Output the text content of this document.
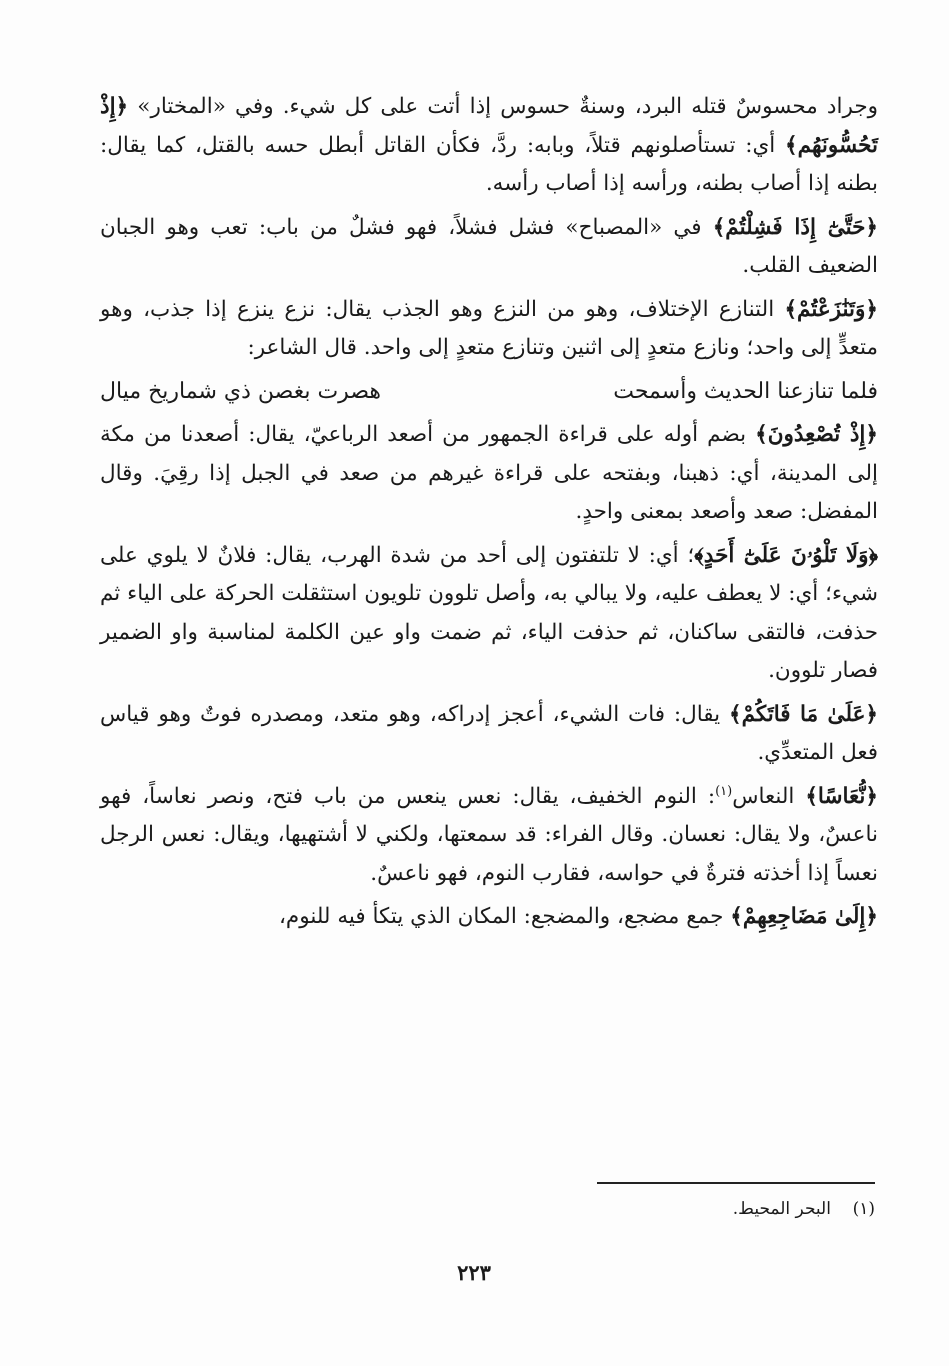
وجراد محسوسٌ قتله البرد، وسنةٌ حسوس إذا أتت على كل شيء. وفي «المختار» ﴿إِذْ تَحُسُّونَهُم﴾ أي: تستأصلونهم قتلاً، وبابه: ردَّ، فكأن القاتل أبطل حسه بالقتل، كما يقال: بطنه إذا أصاب بطنه، ورأسه إذا أصاب رأسه.

﴿حَتَّىٰٓ إِذَا فَشِلْتُمْ﴾ في «المصباح» فشل فشلاً، فهو فشلٌ من باب: تعب وهو الجبان الضعيف القلب.

﴿وَتَنَٰزَعْتُمْ﴾ التنازع الإختلاف، وهو من النزع وهو الجذب يقال: نزع ينزع إذا جذب، وهو متعدٍّ إلى واحد؛ ونازع متعدٍ إلى اثنين وتنازع متعدٍ إلى واحد. قال الشاعر:

فلما تنازعنا الحديث وأسمحت
هصرت بغصن ذي شماريخ ميال

﴿إِذْ تُصْعِدُونَ﴾ بضم أوله على قراءة الجمهور من أصعد الرباعيّ، يقال: أصعدنا من مكة إلى المدينة، أي: ذهبنا، وبفتحه على قراءة غيرهم من صعد في الجبل إذا رقِيَ. وقال المفضل: صعد وأصعد بمعنى واحدٍ.

﴿وَلَا تَلْوُۥنَ عَلَىٰٓ أَحَدٍ﴾؛ أي: لا تلتفتون إلى أحد من شدة الهرب، يقال: فلانٌ لا يلوي على شيء؛ أي: لا يعطف عليه، ولا يبالي به، وأصل تلوون تلويون استثقلت الحركة على الياء ثم حذفت، فالتقى ساكنان، ثم حذفت الياء، ثم ضمت واو عين الكلمة لمناسبة واو الضمير فصار تلوون.

﴿عَلَىٰ مَا فَاتَكُمْ﴾ يقال: فات الشيء، أعجز إدراكه، وهو متعد، ومصدره فوتٌ وهو قياس فعل المتعدِّي.

﴿نُّعَاسًا﴾ النعاس$^{(١)}$: النوم الخفيف، يقال: نعس ينعس من باب فتح، ونصر نعاساً، فهو ناعسٌ، ولا يقال: نعسان. وقال الفراء: قد سمعتها، ولكني لا أشتهيها، ويقال: نعس الرجل نعساً إذا أخذته فترةٌ في حواسه، فقارب النوم، فهو ناعسٌ.

﴿إِلَىٰ مَضَاجِعِهِمْ﴾ جمع مضجع، والمضجع: المكان الذي يتكأ فيه للنوم،

(١)    البحر المحيط.
٢٢٣
